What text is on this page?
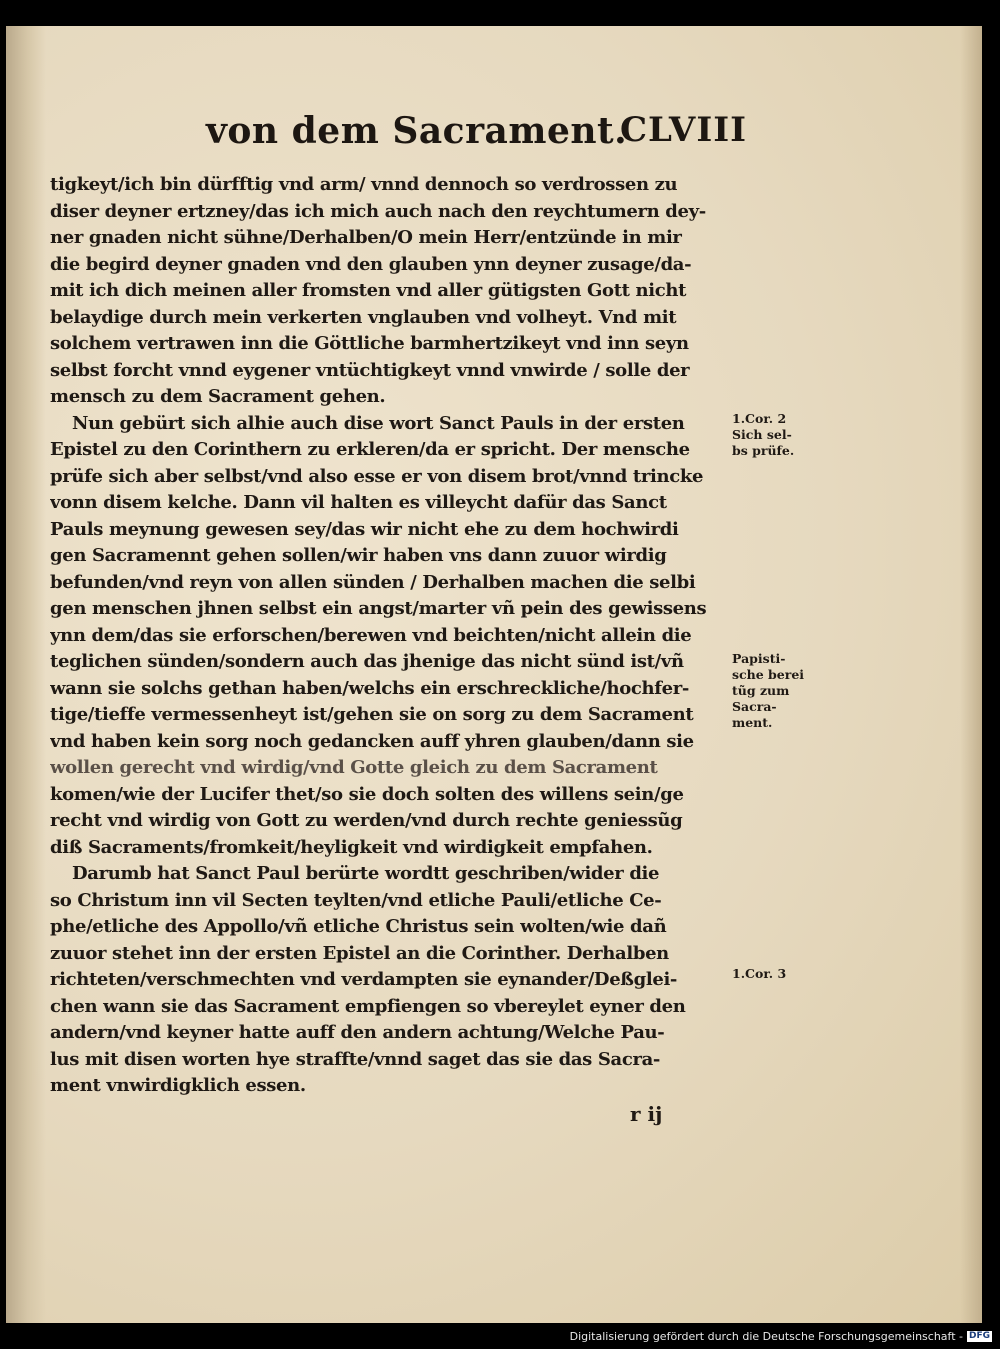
von dem Sacrament.
CLVIII
tigkeyt/ich bin dürfftig vnd arm/ vnnd dennoch so verdrossen zu
diser deyner ertzney/das ich mich auch nach den reychtumern dey-
ner gnaden nicht sühne/Derhalben/O mein Herr/entzünde in mir
die begird deyner gnaden vnd den glauben ynn deyner zusage/da-
mit ich dich meinen aller fromsten vnd aller gütigsten Gott nicht
belaydige durch mein verkerten vnglauben vnd volheyt. Vnd mit
solchem vertrawen inn die Göttliche barmhertzikeyt vnd inn seyn
selbst forcht vnnd eygener vntüchtigkeyt vnnd vnwirde / solle der
mensch zu dem Sacrament gehen.
Nun gebürt sich alhie auch dise wort Sanct Pauls in der ersten
Epistel zu den Corinthern zu erkleren/da er spricht. Der mensche
prüfe sich aber selbst/vnd also esse er von disem brot/vnnd trincke
vonn disem kelche. Dann vil halten es villeycht dafür das Sanct
Pauls meynung gewesen sey/das wir nicht ehe zu dem hochwirdi
gen Sacramennt gehen sollen/wir haben vns dann zuuor wirdig
befunden/vnd reyn von allen sünden / Derhalben machen die selbi
gen menschen jhnen selbst ein angst/marter vñ pein des gewissens
ynn dem/das sie erforschen/berewen vnd beichten/nicht allein die
teglichen sünden/sondern auch das jhenige das nicht sünd ist/vñ
wann sie solchs gethan haben/welchs ein erschreckliche/hochfer-
tige/tieffe vermessenheyt ist/gehen sie on sorg zu dem Sacrament
vnd haben kein sorg noch gedancken auff yhren glauben/dann sie
wollen gerecht vnd wirdig/vnd Gotte gleich zu dem Sacrament
komen/wie der Lucifer thet/so sie doch solten des willens sein/ge
recht vnd wirdig von Gott zu werden/vnd durch rechte geniessũg
diß Sacraments/fromkeit/heyligkeit vnd wirdigkeit empfahen.
Darumb hat Sanct Paul berürte wordtt geschriben/wider die
so Christum inn vil Secten teylten/vnd etliche Pauli/etliche Ce-
phe/etliche des Appollo/vñ etliche Christus sein wolten/wie dañ
zuuor stehet inn der ersten Epistel an die Corinther. Derhalben
richteten/verschmechten vnd verdampten sie eynander/Deßglei-
chen wann sie das Sacrament empfiengen so vbereylet eyner den
andern/vnd keyner hatte auff den andern achtung/Welche Pau-
lus mit disen worten hye straffte/vnnd saget das sie das Sacra-
ment vnwirdigklich essen.
1.Cor. 2
Sich sel-
bs prüfe.
Papisti-
sche berei
tũg zum
Sacra-
ment.
1.Cor. 3
r ij
Digitalisierung gefördert durch die Deutsche Forschungsgemeinschaft - DFG
